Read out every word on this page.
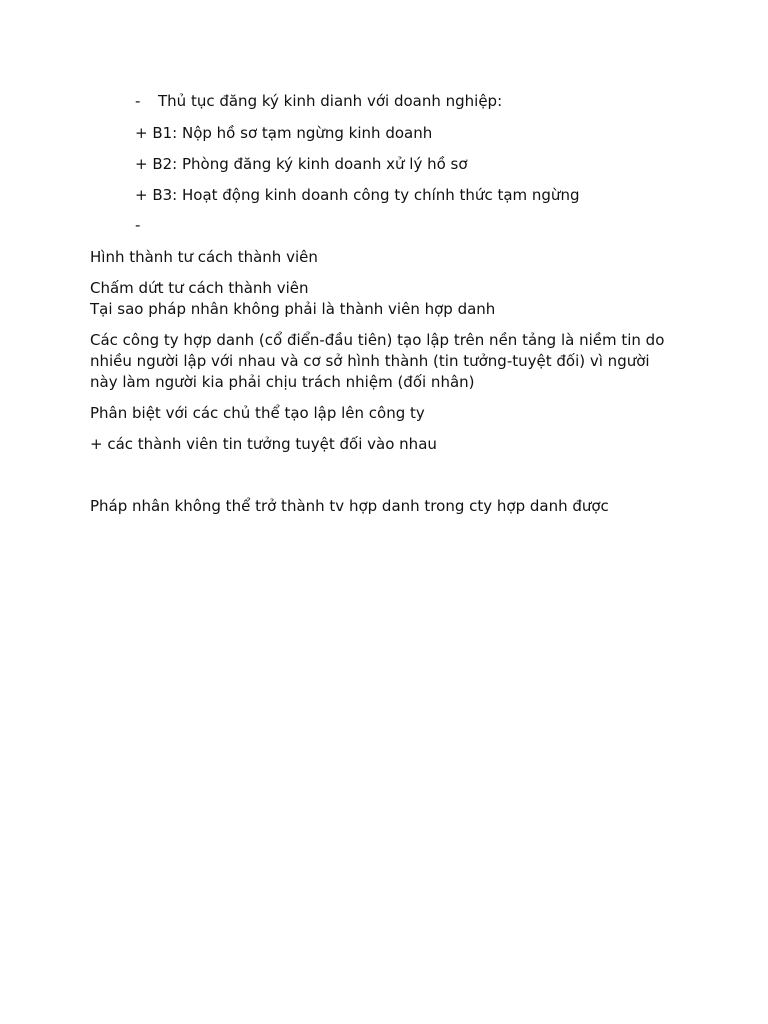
- Thủ tục đăng ký kinh dianh với doanh nghiệp:
+ B1: Nộp hồ sơ tạm ngừng kinh doanh
+ B2: Phòng đăng ký kinh doanh xử lý hồ sơ
+ B3: Hoạt động kinh doanh công ty chính thức tạm ngừng
-
Hình thành tư cách thành viên
Chấm dứt tư cách thành viên
Tại sao pháp nhân không phải là thành viên hợp danh
Các công ty hợp danh (cổ điển-đầu tiên) tạo lập trên nền tảng là niềm tin do
nhiều người lập với nhau và cơ sở hình thành (tin tưởng-tuyệt đối) vì người
này làm người kia phải chịu trách nhiệm (đối nhân)
Phân biệt với các chủ thể tạo lập lên công ty
+ các thành viên tin tưởng tuyệt đối vào nhau
Pháp nhân không thể trở thành tv hợp danh trong cty hợp danh được
